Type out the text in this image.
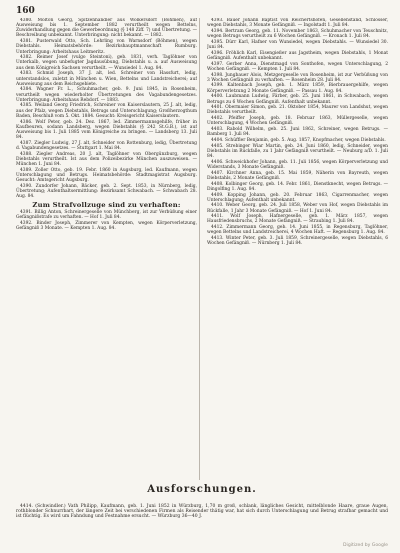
160

4380. Molton Georg, Spitzenhändler aus Wolkersdorf (Böhmen), auf Ausweisung bis 1. September 1882 verurtheilt wegen Bettelns, Zuwiderhandlung gegen die Gewerbeordnung (§ 148 Ziff. 7) und Übertretung. — Beschreibung unbekannt. Unterbringung: nicht bekannt. — 1882.

4381. Pusterwald Otto, Sch. Lehrling von Warnsdorf (Böhmen), wegen Diebstahls. Heimatsbehörde: Bezirkshauptmannschaft Rumburg. Unterbringung: Arbeitshaus Leitmeritz.

4382. Reimer Josef (vulgo Steintoni), geb. 1831, verh. Taglöhner von Unterkalb, wegen unbefugter Jagdausübung, Diebstahls u. a. auf Ausweisung aus dem Königreich Sachsen verurtheilt. — Wunsiedel 1. Aug. 84.

4383. Schmid Joseph, 37 J. alt, led. Schreiner von Hassfurt, ledig, unterstandslos, zuletzt in München u. Wien, Bettelns und Landstreicherei; auf Ausweisung aus dem Reichsgebiete.

4384. Wagner Fr. L., Schuhmacher, geb. 9. Juni 1845, in Rosenheim, verurtheilt wegen wiederholter Übertretungen des Vagabundengesetzes. Unterbringung: Arbeitshaus Rebdorf. — 1883.

4385. Weiland Georg Friedrich, Schreiner von Kaiserslautern, 25 J. alt, ledig, aus der Pfalz, wegen Diebstahls, Betrugs und Unterschlagung; Großherzogthum Baden, Beschluß vom 5. Okt. 1884. Gesucht: Kreisgericht Kaiserslautern.

4386. Wolf Peter, geb. 24. Dez. 1867, led. Zimmermannsgehilfe, früher in Kaufbeuren, sodann Landsberg, wegen Diebstahls (§ 242 St.G.B.), ist auf Ausweisung bis 1. Juli 1885 vom Königreiche zu bringen. — Landsberg 13. Juli 84.

4387. Ziegler Ludwig, 27 J. alt, Schneider von Rottenburg, ledig, Übertretung d. Vagabundengesetzes. — Stuttgart 1. Mai 84.

4388. Ziegler Andreas, 20 J. alt, Taglöhner von Obergünzburg, wegen Diebstahls verurtheilt. Ist aus dem Polizeibezirke München auszuweisen. — München 1. Juni 84.

4389. Zoller Otto, geb. 19. Febr. 1860 in Augsburg, led. Kaufmann, wegen Unterschlagung und Betrugs. Heimatsbehörde: Stadtmagistrat Augsburg. Gesucht: Amtsgericht Augsburg.

4390. Zundorfer Johann, Bäcker, geb. 2. Sept. 1853, in Nürnberg, ledig, Übertretung; Aufenthaltsermittlung: Bezirksamt Schwabach. — Schwabach 28. Aug. 84.

Zum Strafvollzuge sind zu verhaften:

4391. Billig Anton, Schreinergeselle von Münchberg, ist zur Verbüßung einer Gefängnißstrafe zu verhaften. — Hof 1. Juli 84.

4392. Binder Joseph, Zimmerer von Kempten, wegen Körperverletzung, Gefängniß 3 Monate. — Kempten 1. Aug. 84.

4393. Bauer Johann Baptist von Reichertshofen, Gesellenstand, Schlosser, wegen Diebstahls, 3 Monate Gefängniß. — Ingolstadt 1. Juli 84.

4394. Bertram Georg, geb. 11. November 1863, Schuhmacher von Teuschnitz, wegen Betrugs verurtheilt zu 6 Wochen Gefängniß. — Kronach 1. Juli 84.

4395. Dürr Karl, Hafner von Wunsiedel, wegen Diebstahls. — Wunsiedel 30. Juni 84.

4396. Fröhlich Karl, Eisengießer aus Jagstheim, wegen Diebstahls, 1 Monat Gefängniß. Aufenthalt unbekannt.

4397. Gerber Anna, Dienstmagd von Sonthofen, wegen Unterschlagung, 2 Wochen Gefängniß. — Kempten 1. Juli 84.

4398. Jungbauer Alois, Metzgergeselle von Rosenheim, ist zur Verbüßung von 3 Wochen Gefängniß zu verhaften. — Rosenheim 28. Juli 84.

4399. Kaltenbach Joseph, geb. 1. März 1859, Bierbrauergehilfe, wegen Körperverletzung 2 Monate Gefängniß. — Passau 1. Aug. 84.

4400. Laubmann Ludwig, Färber, geb. 25. Juni 1861, in Schwabach, wegen Betrugs zu 6 Wochen Gefängniß. Aufenthalt unbekannt.

4401. Obermaier Simon, geb. 21. Oktober 1854, Maurer von Landshut, wegen Diebstahls verurtheilt.

4402. Pfeiffer Joseph, geb. 18. Februar 1863, Müllergeselle, wegen Unterschlagung, 4 Wochen Gefängniß.

4403. Rabold Wilhelm, geb. 25. Juni 1862, Schreiner, wegen Betrugs. — Bamberg 1. Juli 84.

4404. Schüffler Benjamin, geb. 5. Aug. 1857, Knopfmacher, wegen Diebstahls.

4405. Strebinger Wiar Martin, geb. 24. Juni 1860, ledig, Schneider, wegen Diebstahls im Rückfalle, zu 1 Jahr Gefängniß verurtheilt. — Neuburg a/D. 1. Juli 84.

4406. Schweickhofer Johann, geb. 11. Juli 1856, wegen Körperverletzung und Widerstands, 3 Monate Gefängniß.

4407. Kirchner Anna, geb. 15. Mai 1859, Näherin von Bayreuth, wegen Diebstahls, 2 Monate Gefängniß.

4408. Kolbinger Georg, geb. 14. Febr. 1861, Dienstknecht, wegen Betrugs. — Dingolfing 1. Aug. 84.

4409. Kopping Johann, geb. 20. Februar 1863, Cigarrenmacher, wegen Unterschlagung; Aufenthalt unbekannt.

4410. Weber Georg, geb. 24. Juli 1858, Weber von Hof, wegen Diebstahls im Rückfalle, 1 Jahr 3 Monate Gefängniß. — Hof 1. Juni 84.

4411. Wolf Joseph, Hafnergeselle, geb. 1. März 1857, wegen Hausfriedensbruchs, 2 Monate Gefängniß. — Straubing 1. Juli 84.

4412. Zimmermann Georg, geb. 14. Juni 1855, in Regensburg, Taglöhner, wegen Bettelns und Landstreicherei, 4 Wochen Haft. — Regensburg 1. Aug. 84.

4413. Winter Peter, geb. 3. Juli 1859, Schreinergeselle, wegen Diebstahls, 6 Wochen Gefängniß. — Nürnberg 1. Juli 84.

Ausforschungen.

4414. (Schwindler.) Vath Philipp, Kaufmann, geb. 1. Juni 1852 in Würzburg, 1,70 m groß, schlank, längliches Gesicht, mittelblonde Haare, graue Augen, rothblonder Schnurrbart, der längere Zeit bei verschiedenen Firmen als Reisender thätig war, hat sich durch Unterschlagung und Betrug strafbar gemacht und ist flüchtig. Es wird um Fahndung und Festnahme ersucht. — Würzburg 36—40 J.

Digitized by Google
